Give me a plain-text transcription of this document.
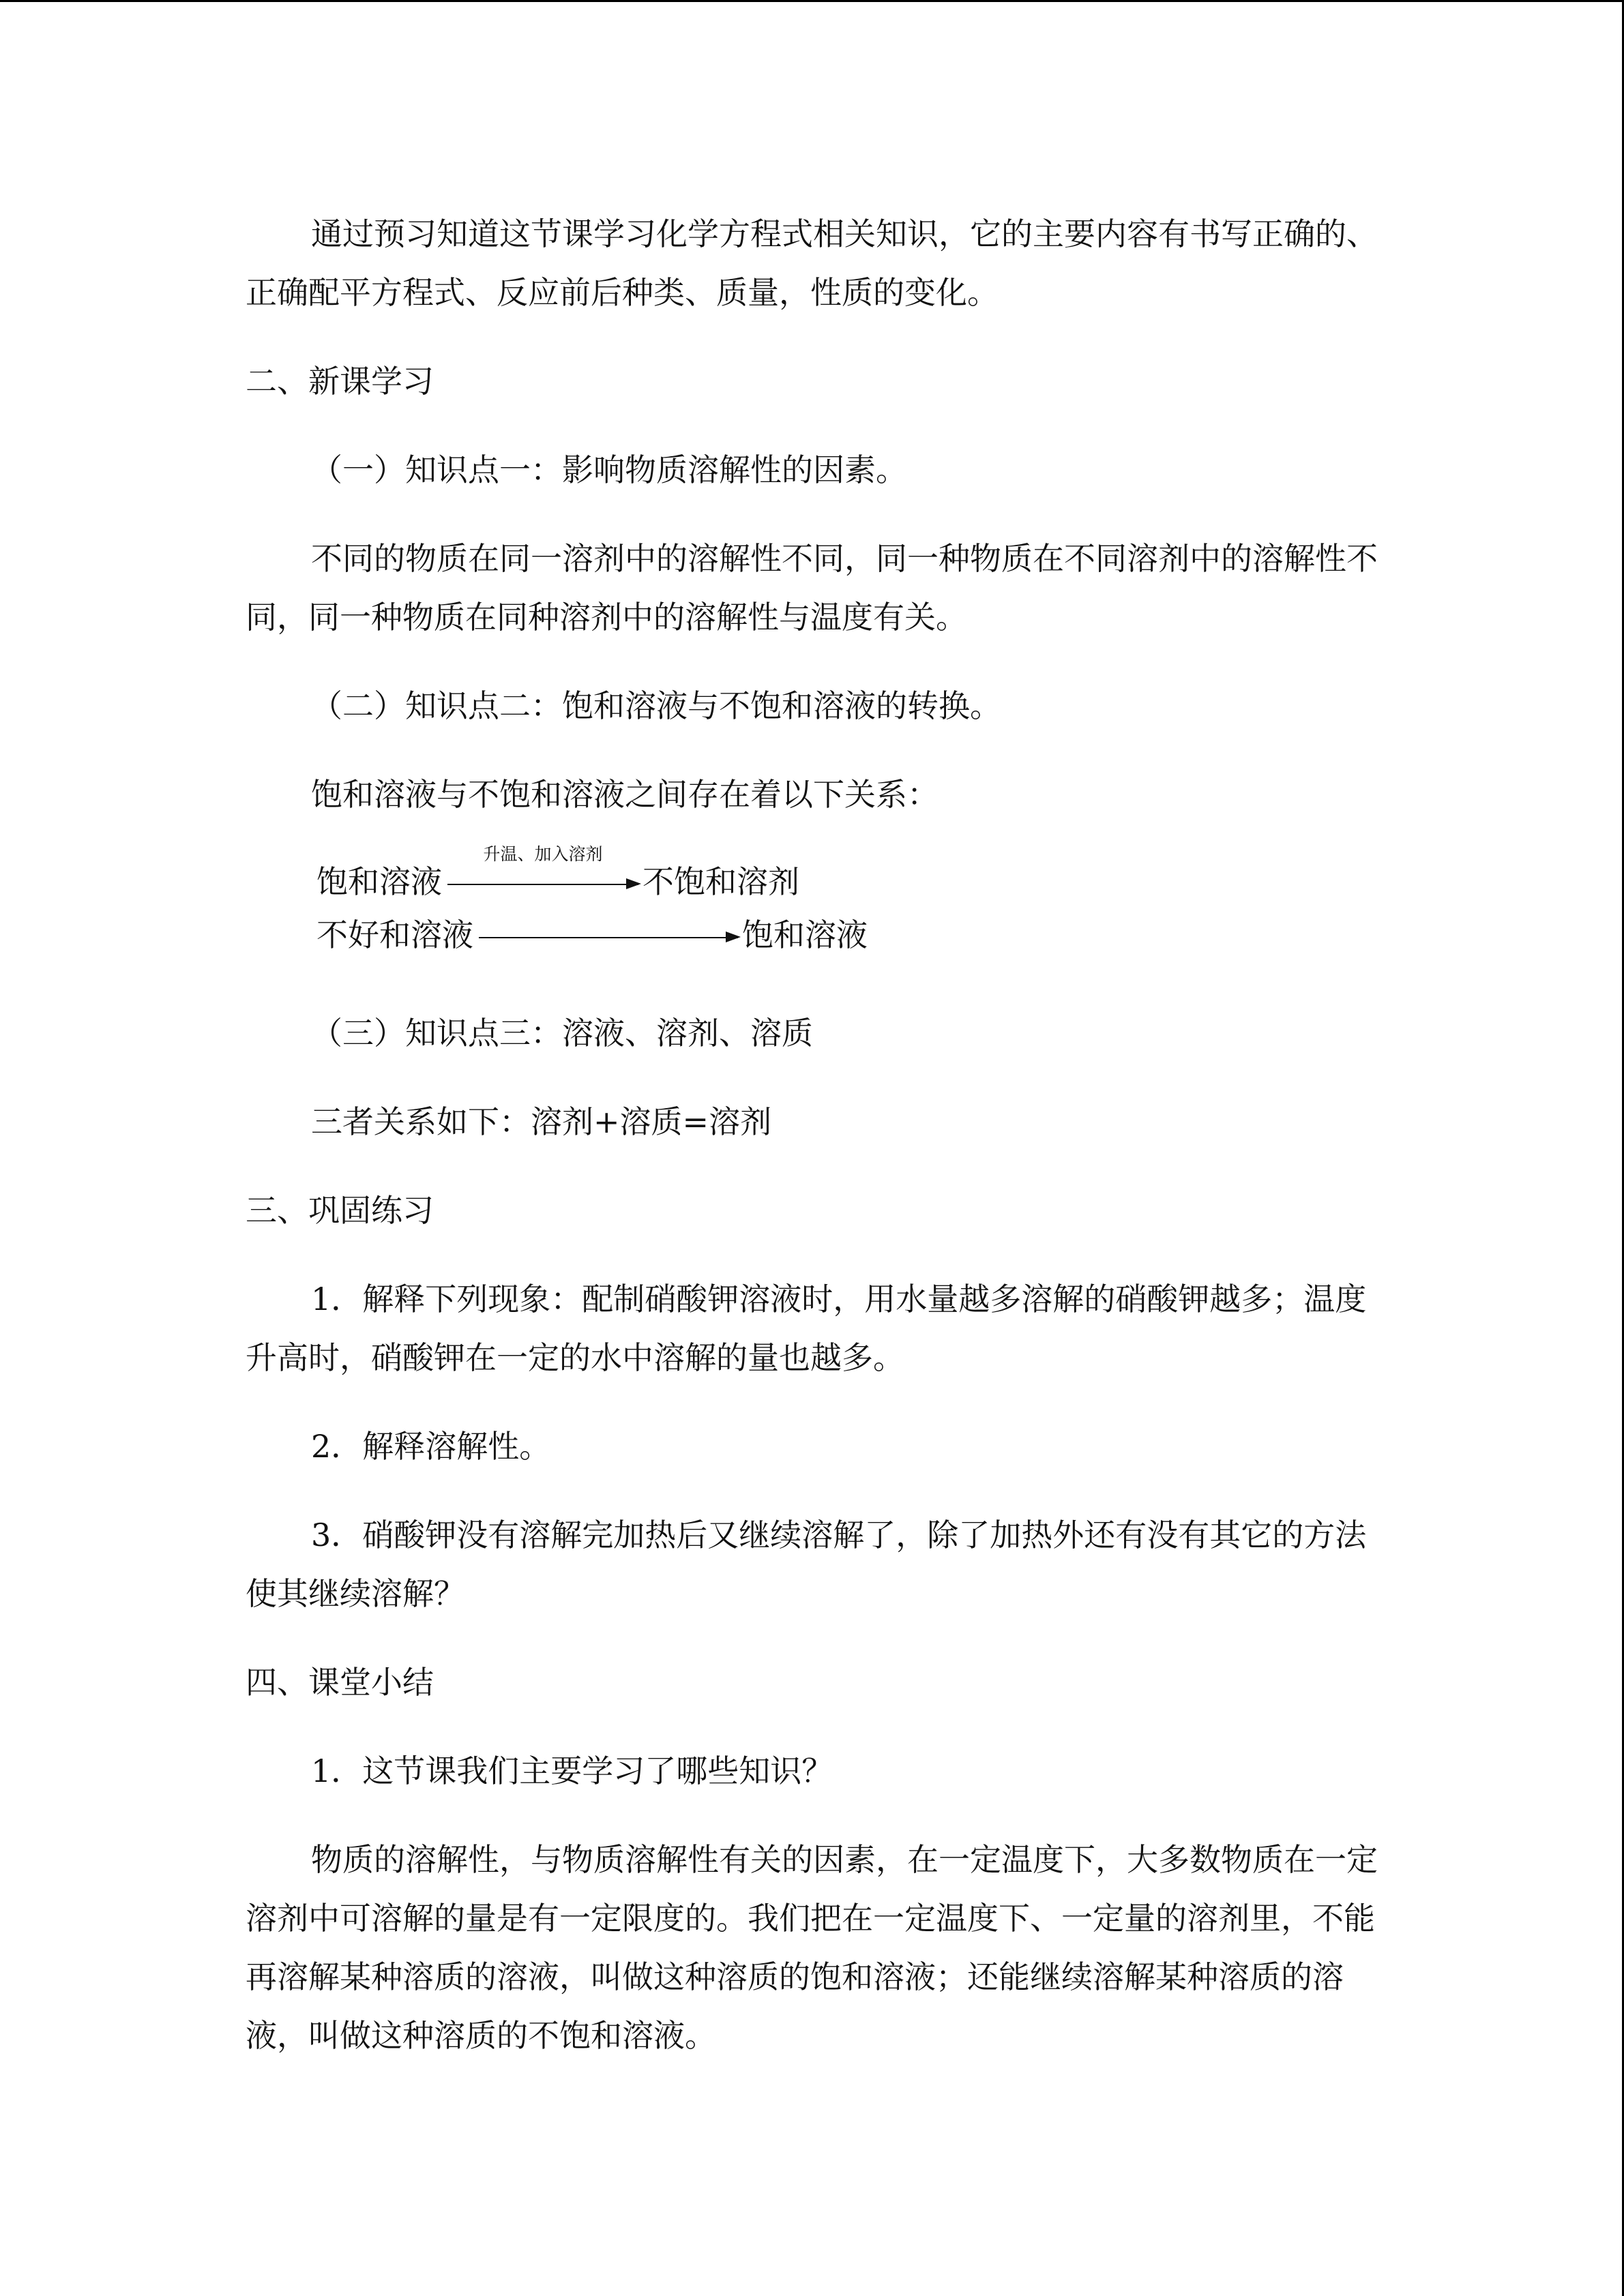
通过预习知道这节课学习化学方程式相关知识，它的主要内容有书写正确的、正确配平方程式、反应前后种类、质量，性质的变化。

二、新课学习

（一）知识点一：影响物质溶解性的因素。

不同的物质在同一溶剂中的溶解性不同，同一种物质在不同溶剂中的溶解性不同，同一种物质在同种溶剂中的溶解性与温度有关。

（二）知识点二：饱和溶液与不饱和溶液的转换。

饱和溶液与不饱和溶液之间存在着以下关系：

饱和溶液
升温、加入溶剂
不饱和溶剂
不好和溶液	饱和溶液

（三）知识点三：溶液、溶剂、溶质

三者关系如下：溶剂+溶质=溶剂

三、巩固练习

1．解释下列现象：配制硝酸钾溶液时，用水量越多溶解的硝酸钾越多；温度升高时，硝酸钾在一定的水中溶解的量也越多。

2．解释溶解性。

3．硝酸钾没有溶解完加热后又继续溶解了，除了加热外还有没有其它的方法使其继续溶解？

四、课堂小结

1．这节课我们主要学习了哪些知识？

物质的溶解性，与物质溶解性有关的因素，在一定温度下，大多数物质在一定溶剂中可溶解的量是有一定限度的。我们把在一定温度下、一定量的溶剂里，不能再溶解某种溶质的溶液，叫做这种溶质的饱和溶液；还能继续溶解某种溶质的溶液，叫做这种溶质的不饱和溶液。
